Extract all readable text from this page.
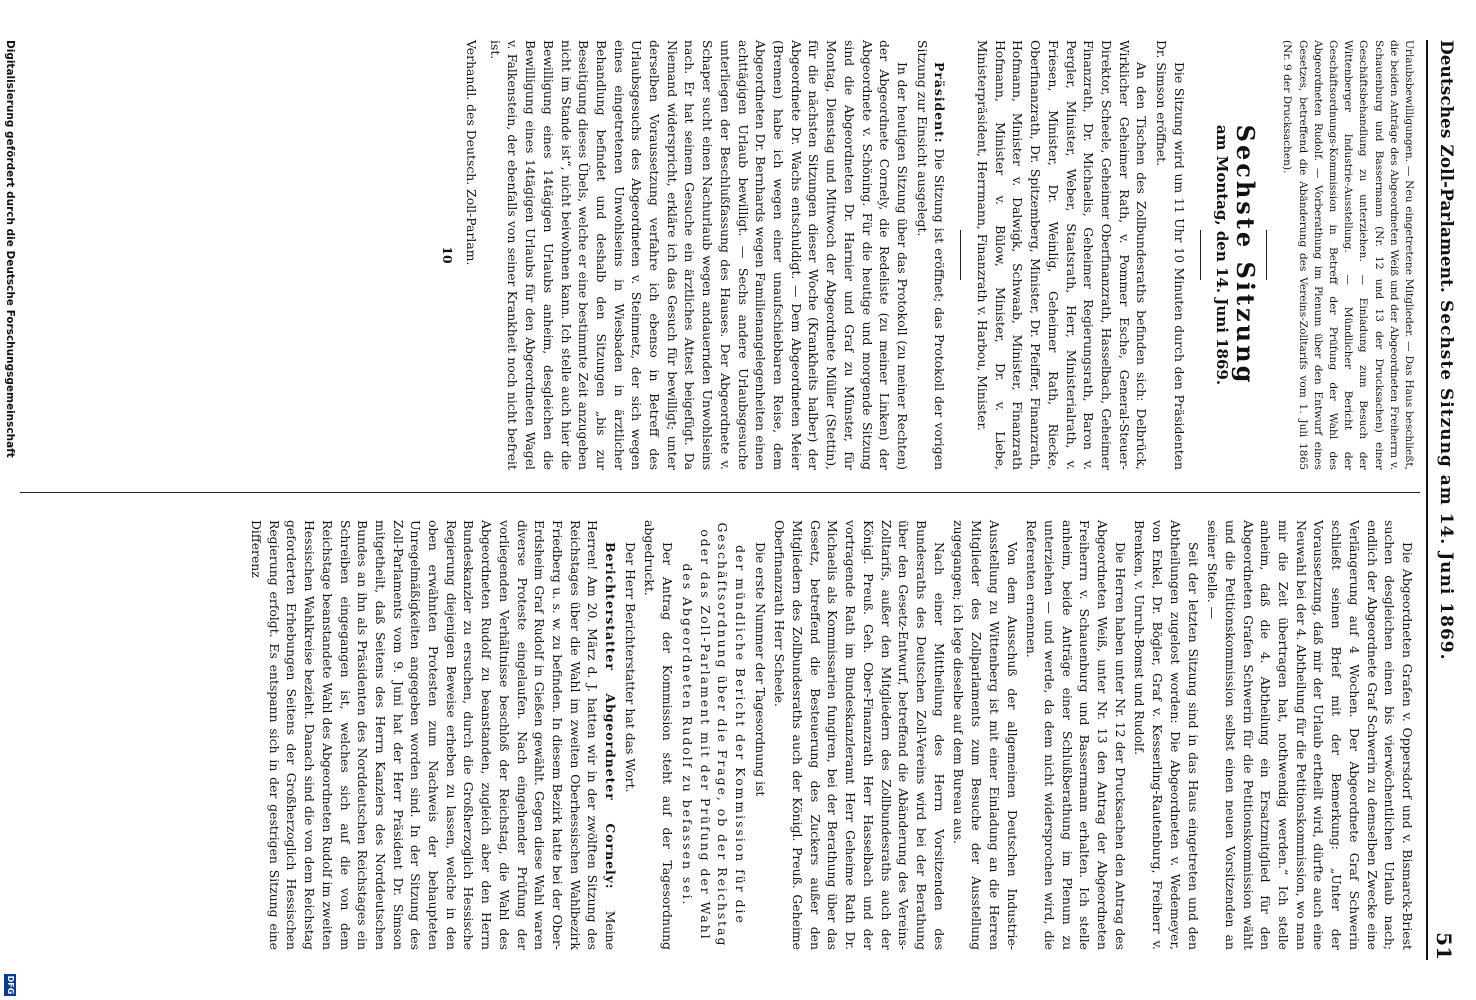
Deutsches Zoll-Parlament.
Sechste Sitzung am 14. Juni 1869.
51

Urlaubsbewilligungen. — Neu eingetretene Mitglieder. — Das Haus beschließt, die beiden Anträge des Abgeordneten Weiß und der Abgeordneten Freiherrn v. Schauenburg und Bassermann (Nr. 12 und 13 der Drucksachen) einer Geschäftsbehandlung zu unterziehen. — Einladung zum Besuch der Wittenberger Industrie-Ausstellung. — Mündlicher Bericht der Geschäftsordnungs-Kommission in Betreff der Prüfung der Wahl des Abgeordneten Rudolf. — Vorberathung im Plenum über den Entwurf eines Gesetzes, betreffend die Abänderung des Vereins-Zolltarifs vom 1. Juli 1865 (Nr. 9 der Drucksachen).

Sechste Sitzung
am Montag, den 14. Juni 1869.

Die Sitzung wird um 11 Uhr 10 Minuten durch den Präsidenten Dr. Simson eröffnet.

An den Tischen des Zollbundesraths befinden sich: Delbrück, Wirklicher Geheimer Rath, v. Pommer Esche, General-Steuer-Direktor, Scheele, Geheimer Oberfinanzrath, Hasselbach, Geheimer Finanzrath, Dr. Michaelis, Geheimer Regierungsrath, Baron v. Pergler, Minister, Weber, Staatsrath, Herr, Ministerialrath, v. Friesen, Minister, Dr. Weinlig, Geheimer Rath, Riecke, Oberfinanzrath, Dr. Spitzemberg, Minister, Dr. Pfeiffer, Finanzrath, Hofmann, Minister v. Dalwigk, Schwaab, Minister, Finanzrath Hofmann, Minister v. Bülow, Minister, Dr. v. Liebe, Ministerpräsident, Herrmann, Finanzrath v. Harbou, Minister.

Präsident: Die Sitzung ist eröffnet; das Protokoll der vorigen Sitzung zur Einsicht ausgelegt.

In der heutigen Sitzung über das Protokoll (zu meiner Rechten) der Abgeordnete Cornely, die Redeliste (zu meiner Linken) der Abgeordnete v. Schöning. Für die heutige und morgende Sitzung sind die Abgeordneten Dr. Harnier und Graf zu Münster, für Montag, Dienstag und Mittwoch der Abgeordnete Müller (Stettin), für die nächsten Sitzungen dieser Woche (Krankheits halber) der Abgeordnete Dr. Wachs entschuldigt. — Dem Abgeordneten Meier (Bremen) habe ich wegen einer unaufschiebbaren Reise, dem Abgeordneten Dr. Bernhards wegen Familienangelegenheiten einen achttägigen Urlaub bewilligt. — Sechs andere Urlaubsgesuche unterliegen der Beschlußfassung des Hauses. Der Abgeordnete v. Schaper sucht einen Nachurlaub wegen andauernden Unwohlseins nach. Er hat seinem Gesuche ein ärztliches Attest beigefügt. Da Niemand widerspricht, erkläre ich das Gesuch für bewilligt; unter derselben Voraussetzung verfahre ich ebenso in Betreff des Urlaubsgesuchs des Abgeordneten v. Steinmetz, der sich wegen eines eingetretenen Unwohlseins in Wiesbaden in ärztlicher Behandlung befindet und deshalb den Sitzungen „bis zur Beseitigung dieses Übels, welche er eine bestimmte Zeit anzugeben nicht im Stande ist“, nicht beiwohnen kann. Ich stelle auch hier die Bewilligung eines 14tägigen Urlaubs anheim, desgleichen die Bewilligung eines 14tägigen Urlaubs für den Abgeordneten Wagel v. Falkenstein, der ebenfalls von seiner Krankheit noch nicht befreit ist.

Verhandl. des Deutsch. Zoll-Parlam.

10

Die Abgeordneten Grafen v. Oppersdorf und v. Bismarck-Briest suchen desgleichen einen bis vierwöchentlichen Urlaub nach; endlich der Abgeordnete Graf Schwerin zu demselben Zwecke eine Verlängerung auf 4 Wochen. Der Abgeordnete Graf Schwerin schließt seinen Brief mit der Bemerkung: „Unter der Voraussetzung, daß mir der Urlaub ertheilt wird, dürfte auch eine Neuwahl bei der 4. Abtheilung für die Petitionskommission, wo man mir die Zeit übertragen hat, nothwendig werden.“ Ich stelle anheim, daß die 4. Abtheilung ein Ersatzmitglied für den Abgeordneten Grafen Schwerin für die Petitionskommission wählt und die Petitionskommission selbst einen neuen Vorsitzenden an seiner Stelle. —

Seit der letzten Sitzung sind in das Haus eingetreten und den Abtheilungen zugelost worden: Die Abgeordneten v. Wedemeyer, von Enkel, Dr. Bögler, Graf v. Kesserling-Rautenburg, Freiherr v. Brenken, v. Unruh-Bomst und Rudolf.

Die Herren haben unter Nr. 12 der Drucksachen den Antrag des Abgeordneten Weiß, unter Nr. 13 den Antrag der Abgeordneten Freiherrn v. Schauenburg und Bassermann erhalten. Ich stelle anheim, beide Anträge einer Schlußberathung im Plenum zu unterziehen — und werde, da dem nicht widersprochen wird, die Referenten ernennen.

Von dem Ausschuß der allgemeinen Deutschen Industrie-Ausstellung zu Wittenberg ist mit einer Einladung an die Herren Mitglieder des Zollparlaments zum Besuche der Ausstellung zugegangen; ich lege dieselbe auf dem Bureau aus.

Nach einer Mittheilung des Herrn Vorsitzenden des Bundesraths des Deutschen Zoll-Vereins wird bei der Berathung über den Gesetz-Entwurf, betreffend die Abänderung des Vereins-Zolltarifs, außer den Mitgliedern des Zollbundesraths auch der Königl. Preuß. Geh. Ober-Finanzrath Herr Hasselbach und der vortragende Rath im Bundeskanzleramt Herr Geheime Rath Dr. Michaelis als Kommissarien fungiren, bei der Berathung über das Gesetz, betreffend die Besteuerung des Zuckers außer den Mitgliedern des Zollbundesraths auch der Königl. Preuß. Geheime Oberfinanzrath Herr Scheele.

Die erste Nummer der Tagesordnung ist

der mündliche Bericht der Kommission für die Geschäftsordnung über die Frage, ob der Reichstag oder das Zoll-Parlament mit der Prüfung der Wahl des Abgeordneten Rudolf zu befassen sei.

Der Antrag der Kommission steht auf der Tagesordnung abgedruckt.

Der Herr Berichterstatter hat das Wort.

Berichterstatter Abgeordneter Cornely: Meine Herren! Am 20. März d. J. hatten wir in der zwölften Sitzung des Reichstages über die Wahl im zweiten Oberhessischen Wahlbezirk Friedberg u. s. w. zu befinden. In diesem Bezirk hatte bei der Ober-Erdsheim Graf Rudolf in Gießen gewählt. Gegen diese Wahl waren diverse Proteste eingelaufen. Nach eingehender Prüfung der vorliegenden Verhältnisse beschloß der Reichstag, die Wahl des Abgeordneten Rudolf zu beanstanden, zugleich aber den Herrn Bundeskanzler zu ersuchen, durch die Großherzoglich Hessische Regierung diejenigen Beweise erheben zu lassen, welche in den oben erwähnten Protesten zum Nachweis der behaupteten Unregelmäßigkeiten angegeben worden sind. In der Sitzung des Zoll-Parlaments vom 9. Juni hat der Herr Präsident Dr. Simson mitgetheilt, daß Seitens des Herrn Kanzlers des Norddeutschen Bundes an ihn als Präsidenten des Norddeutschen Reichstages ein Schreiben eingegangen ist, welches sich auf die von dem Reichstage beanstandete Wahl des Abgeordneten Rudolf im zweiten Hessischen Wahlkreise bezieht. Danach sind die von dem Reichstag geforderten Erhebungen Seitens der Großherzoglich Hessischen Regierung erfolgt. Es entspann sich in der gestrigen Sitzung eine Differenz

Digitalisierung gefördert durch die Deutsche Forschungsgemeinschaft
DFG
